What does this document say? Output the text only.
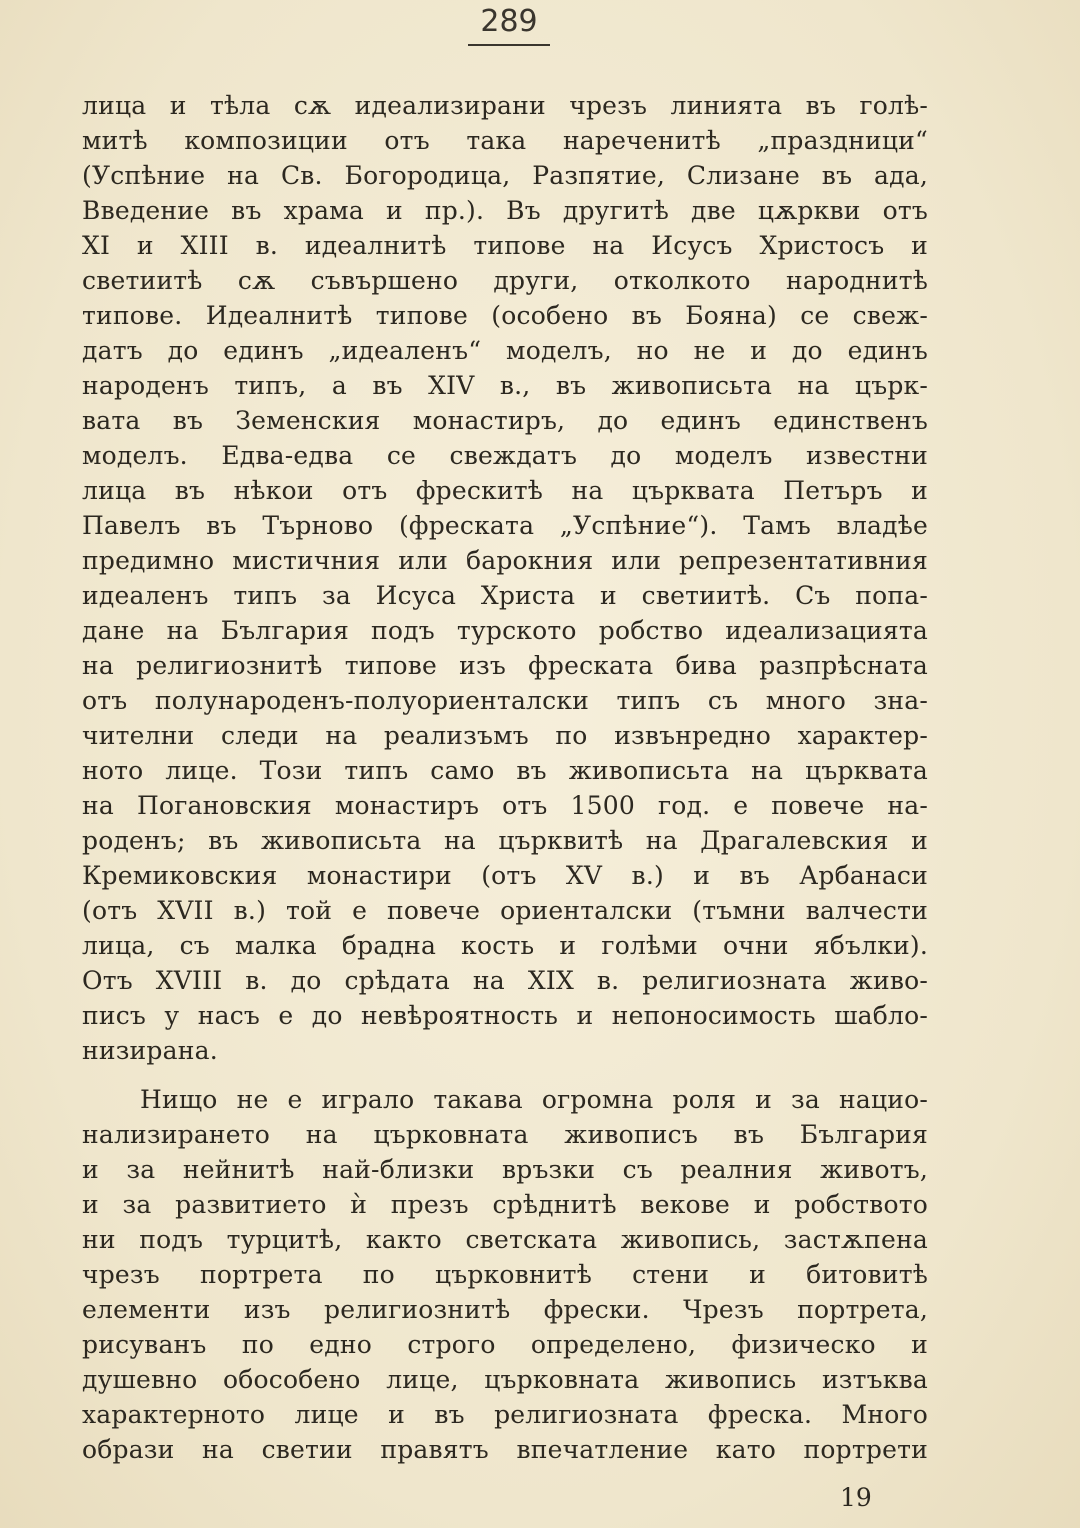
289
лица и тѣла сѫ идеализирани чрезъ линията въ голѣ-
митѣ композиции отъ така нареченитѣ „праздници“
(Успѣние на Св. Богородица, Разпятие, Слизане въ ада,
Введение въ храма и пр.). Въ другитѣ две цѫркви отъ
XI и XIII в. идеалнитѣ типове на Исусъ Христосъ и
светиитѣ сѫ съвършено други, отколкото народнитѣ
типове. Идеалнитѣ типове (особено въ Бояна) се свеж-
датъ до единъ „идеаленъ“ моделъ, но не и до единъ
народенъ типъ, а въ XIV в., въ живописьта на църк-
вата въ Земенския монастиръ, до единъ единственъ
моделъ. Едва-едва се свеждатъ до моделъ известни
лица въ нѣкои отъ фрескитѣ на църквата Петъръ и
Павелъ въ Търново (фреската „Успѣние“). Тамъ владѣе
предимно мистичния или барокния или репрезентативния
идеаленъ типъ за Исуса Христа и светиитѣ. Съ попа-
дане на България подъ турското робство идеализацията
на религиознитѣ типове изъ фреската бива разпрѣсната
отъ полународенъ-полуориенталски типъ съ много зна-
чителни следи на реализъмъ по извънредно характер-
ното лице. Този типъ само въ живописьта на църквата
на Погановския монастиръ отъ 1500 год. е повече на-
роденъ; въ живописьта на църквитѣ на Драгалевския и
Кремиковския монастири (отъ XV в.) и въ Арбанаси
(отъ XVII в.) той е повече ориенталски (тъмни валчести
лица, съ малка брадна кость и голѣми очни ябълки).
Отъ XVIII в. до срѣдата на XIX в. религиозната живо-
писъ у насъ е до невѣроятность и непоносимость шабло-
низирана.
Нищо не е играло такава огромна роля и за нацио-
нализирането на църковната живописъ въ България
и за нейнитѣ най-близки връзки съ реалния животъ,
и за развитието ѝ презъ срѣднитѣ векове и робството
ни подъ турцитѣ, както светската живопись, застѫпена
чрезъ портрета по църковнитѣ стени и битовитѣ
елементи изъ религиознитѣ фрески. Чрезъ портрета,
рисуванъ по едно строго определено, физическо и
душевно обособено лице, църковната живопись изтъква
характерното лице и въ религиозната фреска. Много
образи на светии правятъ впечатление като портрети
19
